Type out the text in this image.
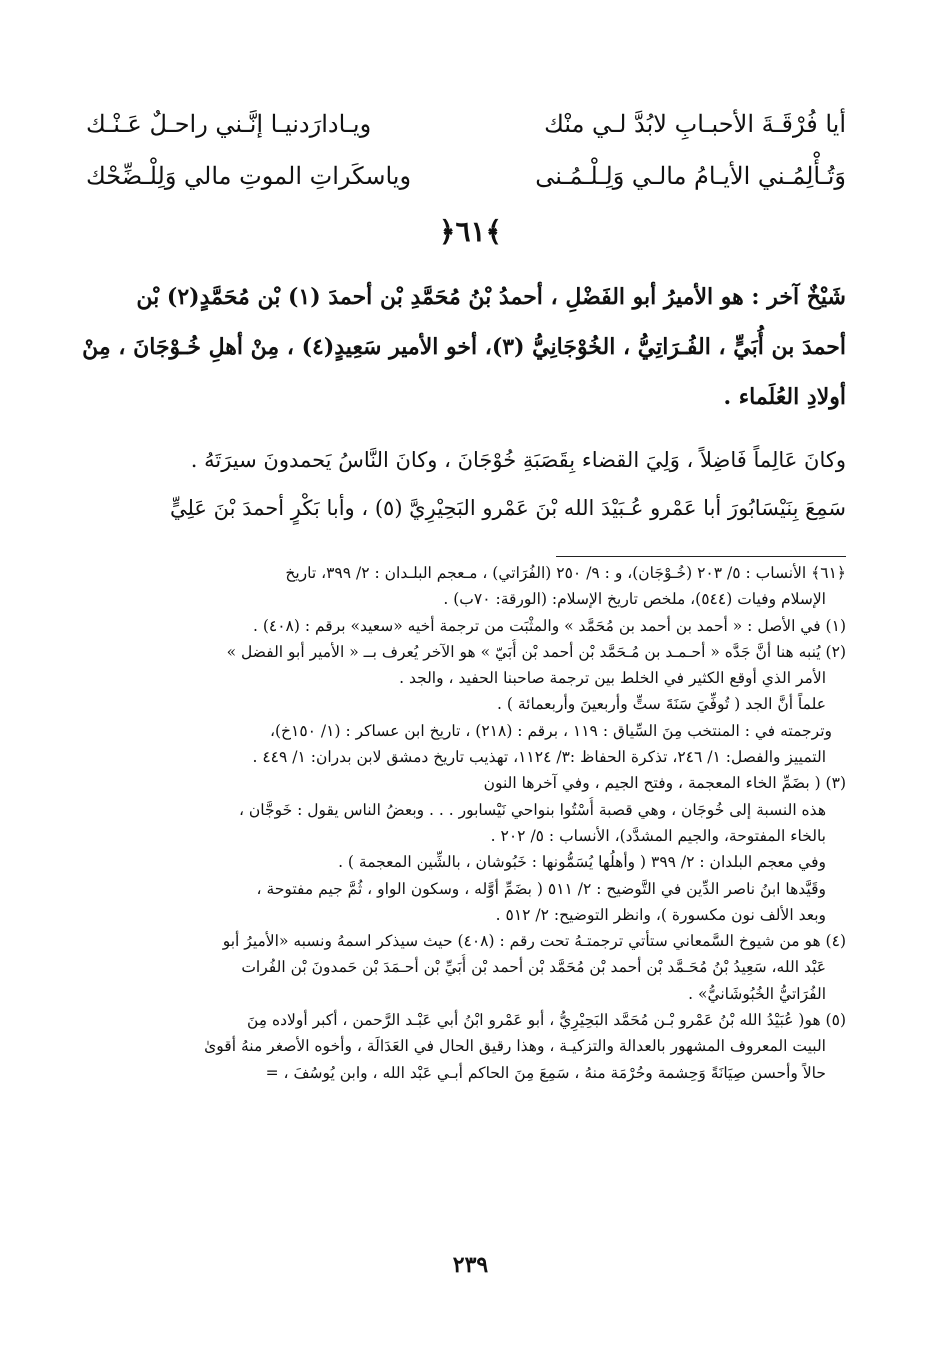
أيا فُرْقَـةَ الأحبـابِ لابُدَّ لـي منْك
ويـادارَدنيـا إنَّـني راحـلٌ عَـنْـك
وَتُـأْلِمُـني الأيـامُ مالـي وَلِـلْـمُـنى
وياسكَراتِ الموتِ مالي وَلِلْـضِّحْك
﴿٦١﴾

شَيْخٌ آخر : هو الأميرُ أبو الفَضْلِ ، أحمدُ بْنُ مُحَمَّدِ بْن أحمدَ (١) بْن مُحَمَّدٍ(٢) بْن

أحمدَ بن أُبَيٍّ ، الفُـرَاتِيُّ ، الخُوْجَانِيُّ (٣)، أخو الأمير سَعِيدٍ(٤) ، مِنْ أهلِ خُـوْجَانَ ، مِنْ

أولادِ العُلَماء .

وكانَ عَالِماً فَاضِلاً ، وَلِيَ القضاء بِقَصَبَةِ خُوْجَانَ ، وكانَ النَّاسُ يَحمدونَ سيرَتَهُ .

سَمِعَ بِنَيْسَابُورَ أبا عَمْرو عُـبَيْدَ الله بْنَ عَمْرو البَحِيْرِيَّ (٥) ، وأبا بَكْرٍ أحمدَ بْنَ عَلِيٍّ

﴿٦١﴾ الأنساب : ٥/ ٢٠٣ (خُـوْجَان)، و : ٩/ ٢٥٠ (الفُرَاتي) ، مـعجم البلـدان : ٢/ ٣٩٩، تاريخ

الإسلام وفيات (٥٤٤)، ملخص تاريخ الإسلام: (الورقة: ٧٠ب) .

(١) في الأصل : « أحمد بن أحمد بن مُحَمَّد » والمثْبَت من ترجمة أخيه «سعيد» برقم : (٤٠٨) .

(٢) يُنبه هنا أنَّ جَدَّه « أحـمـد بن مُـحَمَّد بْن أحمد بْن أُبَيّ » هو الآخر يُعرف بــ « الأمير أبو الفضل »

الأمر الذي أوقع الكثير في الخلط بين ترجمة صاحبنا الحفيد ، والجد .

علماً أنَّ الجد ( تُوفِّيَ سَنَةَ ستٍّ وأربعينَ وأربعمائة ) .

وترجمته في : المنتخب مِنَ السِّياق : ١١٩ ، برقم : (٢١٨) ، تاريخ ابن عساكر : (١/ ١٥٠خ)،

التمييز والفصل: ١/ ٢٤٦، تذكرة الحفاظ :٣/ ١١٢٤، تهذيب تاريخ دمشق لابن بدران: ١/ ٤٤٩ .

(٣) ( بضَمِّ الخاء المعجمة ، وفتح الجيم ، وفي آخرها النون

هذه النسبة إلى خُوجَان ، وهي قصبة أُسْتُوا بنواحي نَيْسابور . . . وبعضُ الناس يقول : خَوجَّان ،

بالخاء المفتوحة، والجيم المشدَّد)، الأنساب : ٥/ ٢٠٢ .

وفي معجم البلدان : ٢/ ٣٩٩ ( وأهلُها يُسَمُّونها : خَبُوشان ، بالشِّين المعجمة ) .

وقَيَّدها ابنُ ناصر الدِّين في التَّوضيح : ٢/ ٥١١ ( بضَمِّ أوَّله ، وسكون الواو ، ثُمَّ جيم مفتوحة ،

وبعد الألف نون مكسورة )، وانظر التوضيح: ٢/ ٥١٢ .

(٤) هو من شيوخ السَّمعاني ستأتي ترجمتـهُ تحت رقم : (٤٠٨) حيث سيذكر اسمهُ ونسبه «الأميرُ أبو

عَبْد الله، سَعِيدُ بْنُ مُحَـمَّد بْن أحمد بْن مُحَمَّد بْن أحمد بْن أُبَيِّ بْن أحـمَدَ بْن حَمدونَ بْن الفُرات

الفُرَاتيُّ الخُبُوشَانيُّ» .

(٥) هو( عُبَيْدُ الله بْنُ عَمْرو بْـن مُحَمَّد البَحِيْرِيُّ ، أبو عَمْرو ابْنُ أبي عَبْـد الرَّحمن ، أكبر أولاده مِنَ

البيت المعروف المشهور بالعدالة والتزكيـة ، وهذا رقيق الحال في العَدَالَة ، وأخوه الأصغر منهُ أقوىٰ

حالاً وأحسن صِيَانَةً وَحِشمة وحُرْمَة منهُ ، سَمِعَ مِنَ الحاكم أبـي عَبْد الله ، وابن يُوسُفَ ، =

٢٣٩
